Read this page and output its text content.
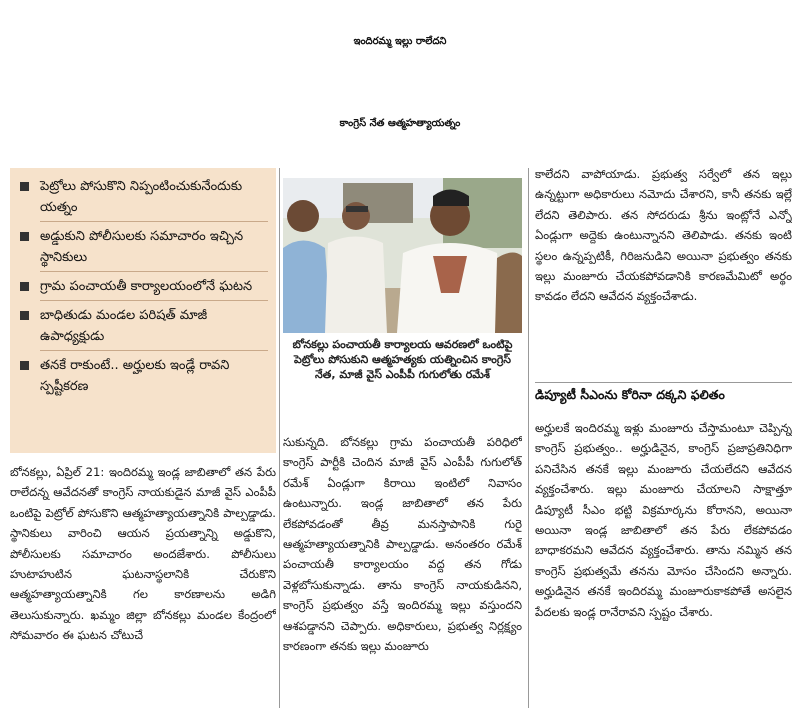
ఇందిరమ్మ ఇల్లు రాలేదని
కాంగ్రెస్ నేత ఆత్మహత్యాయత్నం
పెట్రోలు పోసుకొని నిప్పంటించుకునేందుకు యత్నం
అడ్డుకుని పోలీసులకు సమాచారం ఇచ్చిన స్థానికులు
గ్రామ పంచాయతీ కార్యాలయంలోనే ఘటన
బాధితుడు మండల పరిషత్ మాజీ ఉపాధ్యక్షుడు
తనకే రాకుంటే.. అర్హులకు ఇండ్లే రావని స్పష్టీకరణ
బోనకల్లు పంచాయతీ కార్యాలయ ఆవరణలో ఒంటిపై పెట్రోలు పోసుకుని ఆత్మహత్యకు యత్నించిన కాంగ్రెస్ నేత, మాజీ వైస్ ఎంపీపీ గుగులోతు రమేశ్
బోనకల్లు, ఏప్రిల్ 21: ఇందిరమ్మ ఇండ్ల జాబితాలో తన పేరు రాలేదన్న ఆవేదనతో కాంగ్రెస్ నాయకుడైన మాజీ వైస్ ఎంపీపీ ఒంటిపై పెట్రోల్ పోసుకొని ఆత్మహత్యాయత్నానికి పాల్పడ్డాడు. స్థానికులు వారించి ఆయన ప్రయత్నాన్ని అడ్డుకొని, పోలీసులకు సమాచారం అందజేశారు. పోలీసులు హుటాహుటిన ఘటనాస్థలానికి చేరుకొని ఆత్మహత్యాయత్నానికి గల కారణాలను అడిగి తెలుసుకున్నారు. ఖమ్మం జిల్లా బోనకల్లు మండల కేంద్రంలో సోమవారం ఈ ఘటన చోటుచే
సుకున్నది. బోనకల్లు గ్రామ పంచాయతీ పరిధిలో కాంగ్రెస్ పార్టీకి చెందిన మాజీ వైస్ ఎంపీపీ గుగులోత్ రమేశ్ ఏండ్లుగా కిరాయి ఇంటిలో నివాసం ఉంటున్నారు. ఇండ్ల జాబితాలో తన పేరు లేకపోవడంతో తీవ్ర మనస్తాపానికి గురై ఆత్మహత్యాయత్నానికి పాల్పడ్డాడు. అనంతరం రమేశ్ పంచాయతీ కార్యాలయం వద్ద తన గోడు వెళ్లబోసుకున్నాడు. తాను కాంగ్రెస్ నాయకుడినని, కాంగ్రెస్ ప్రభుత్వం వస్తే ఇందిరమ్మ ఇల్లు వస్తుందని ఆశపడ్డానని చెప్పారు. అధికారులు, ప్రభుత్వ నిర్లక్ష్యం కారణంగా తనకు ఇల్లు మంజూరు
కాలేదని వాపోయాడు. ప్రభుత్వ సర్వేలో తన ఇల్లు ఉన్నట్టుగా అధికారులు నమోదు చేశారని, కానీ తనకు ఇల్లే లేదని తెలిపారు. తన సోదరుడు శ్రీను ఇంట్లోనే ఎన్నో ఏండ్లుగా అద్దెకు ఉంటున్నానని తెలిపాడు. తనకు ఇంటి స్థలం ఉన్నప్పటికీ, గిరిజనుడిని అయినా ప్రభుత్వం తనకు ఇల్లు మంజూరు చేయకపోవడానికి కారణమేమిటో అర్థం కావడం లేదని ఆవేదన వ్యక్తంచేశాడు.
డిప్యూటీ సీఎంను కోరినా దక్కని ఫలితం
అర్హులకే ఇందిరమ్మ ఇళ్లు మంజూరు చేస్తామంటూ చెప్పిన్న కాంగ్రెస్ ప్రభుత్వం.. అర్హుడినైన, కాంగ్రెస్ ప్రజాప్రతినిధిగా పనిచేసిన తనకే ఇల్లు మంజూరు చేయలేదని ఆవేదన వ్యక్తంచేశారు. ఇల్లు మంజూరు చేయాలని సాక్షాత్తూ డిప్యూటీ సీఎం భట్టి విక్రమార్కను కోరానని, అయినా అయినా ఇండ్ల జాబితాలో తన పేరు లేకపోవడం బాధాకరమని ఆవేదన వ్యక్తంచేశారు. తాను నమ్మిన తన కాంగ్రెస్ ప్రభుత్వమే తనను మోసం చేసిందని అన్నారు. అర్హుడినైన తనకే ఇందిరమ్మ మంజూరుకాకపోతే అసలైన పేదలకు ఇండ్ల రానేరావని స్పష్టం చేశారు.
